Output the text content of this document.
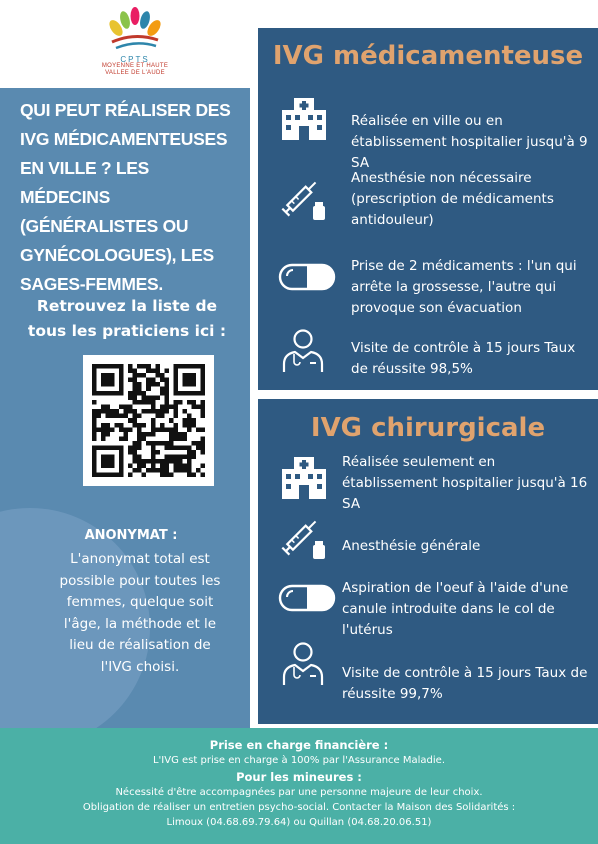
CPTS
MOYENNE ET HAUTE
VALLEE DE L'AUDE
QUI PEUT RÉALISER DES IVG MÉDICAMENTEUSES EN VILLE ? LES MÉDECINS (GÉNÉRALISTES OU GYNÉCOLOGUES), LES SAGES-FEMMES.
Retrouvez la liste de tous les praticiens ici :
ANONYMAT :
L'anonymat total est possible pour toutes les femmes, quelque soit l'âge, la méthode et le lieu de réalisation de l'IVG choisi.
IVG médicamenteuse
Réalisée en ville ou en établissement hospitalier jusqu'à 9 SA
Anesthésie non nécessaire (prescription de médicaments antidouleur)
Prise de 2 médicaments : l'un qui arrête la grossesse, l'autre qui provoque son évacuation
Visite de contrôle à 15 jours Taux de réussite 98,5%
IVG chirurgicale
Réalisée seulement en établissement hospitalier jusqu'à 16 SA
Anesthésie générale
Aspiration de l'oeuf à l'aide d'une canule introduite dans le col de l'utérus
Visite de contrôle à 15 jours Taux de réussite 99,7%
Prise en charge financière :
L'IVG est prise en charge à 100% par l'Assurance Maladie.
Pour les mineures :
Nécessité d'être accompagnées par une personne majeure de leur choix.
Obligation de réaliser un entretien psycho-social. Contacter la Maison des Solidarités :
Limoux (04.68.69.79.64) ou Quillan (04.68.20.06.51)
